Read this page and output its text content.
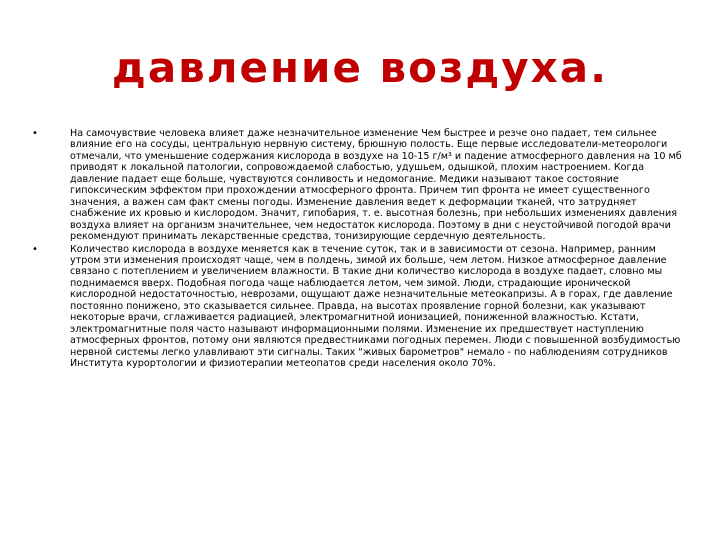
давление воздуха.
•	На самочувствие человека влияет даже незначительное изменение Чем быстрее и резче оно падает, тем сильнее влияние его на сосуды, центральную нервную систему, брюшную полость. Еще первые исследователи-метеорологи отмечали, что уменьшение содержания кислорода в воздухе на 10-15 г/м³ и падение атмосферного давления на 10 мб приводят к локальной патологии, сопровождаемой слабостью, удушьем, одышкой, плохим настроением. Когда давление падает еще больше, чувствуются сонливость и недомогание. Медики называют такое состояние гипоксическим эффектом при прохождении атмосферного фронта. Причем тип фронта не имеет существенного значения, а важен сам факт смены погоды. Изменение давления ведет к деформации тканей, что затрудняет снабжение их кровью и кислородом. Значит, гипобария, т. е. высотная болезнь, при небольших изменениях давления воздуха влияет на организм значительнее, чем недостаток кислорода. Поэтому в дни с неустойчивой погодой врачи рекомендуют принимать лекарственные средства, тонизирующие сердечную деятельность.
•	Количество кислорода в воздухе меняется как в течение суток, так и в зависимости от сезона. Например, ранним утром эти изменения происходят чаще, чем в полдень, зимой их больше, чем летом. Низкое атмосферное давление связано с потеплением и увеличением влажности. В такие дни количество кислорода в воздухе падает, словно мы поднимаемся вверх. Подобная погода чаще наблюдается летом, чем зимой. Люди, страдающие иронической кислородной недостаточностью, неврозами, ощущают даже незначительные метеокапризы. А в горах, где давление постоянно понижено, это сказывается сильнее. Правда, на высотах проявление горной болезни, как указывают некоторые врачи, сглаживается радиацией, электромагнитной ионизацией, пониженной влажностью. Кстати, электромагнитные поля часто называют информационными полями. Изменение их предшествует наступлению атмосферных фронтов, потому они являются предвестниками погодных перемен. Люди с повышенной возбудимостью нервной системы легко улавливают эти сигналы. Таких "живых барометров" немало - по наблюдениям сотрудников Института курортологии и физиотерапии метеопатов среди населения около 70%.
